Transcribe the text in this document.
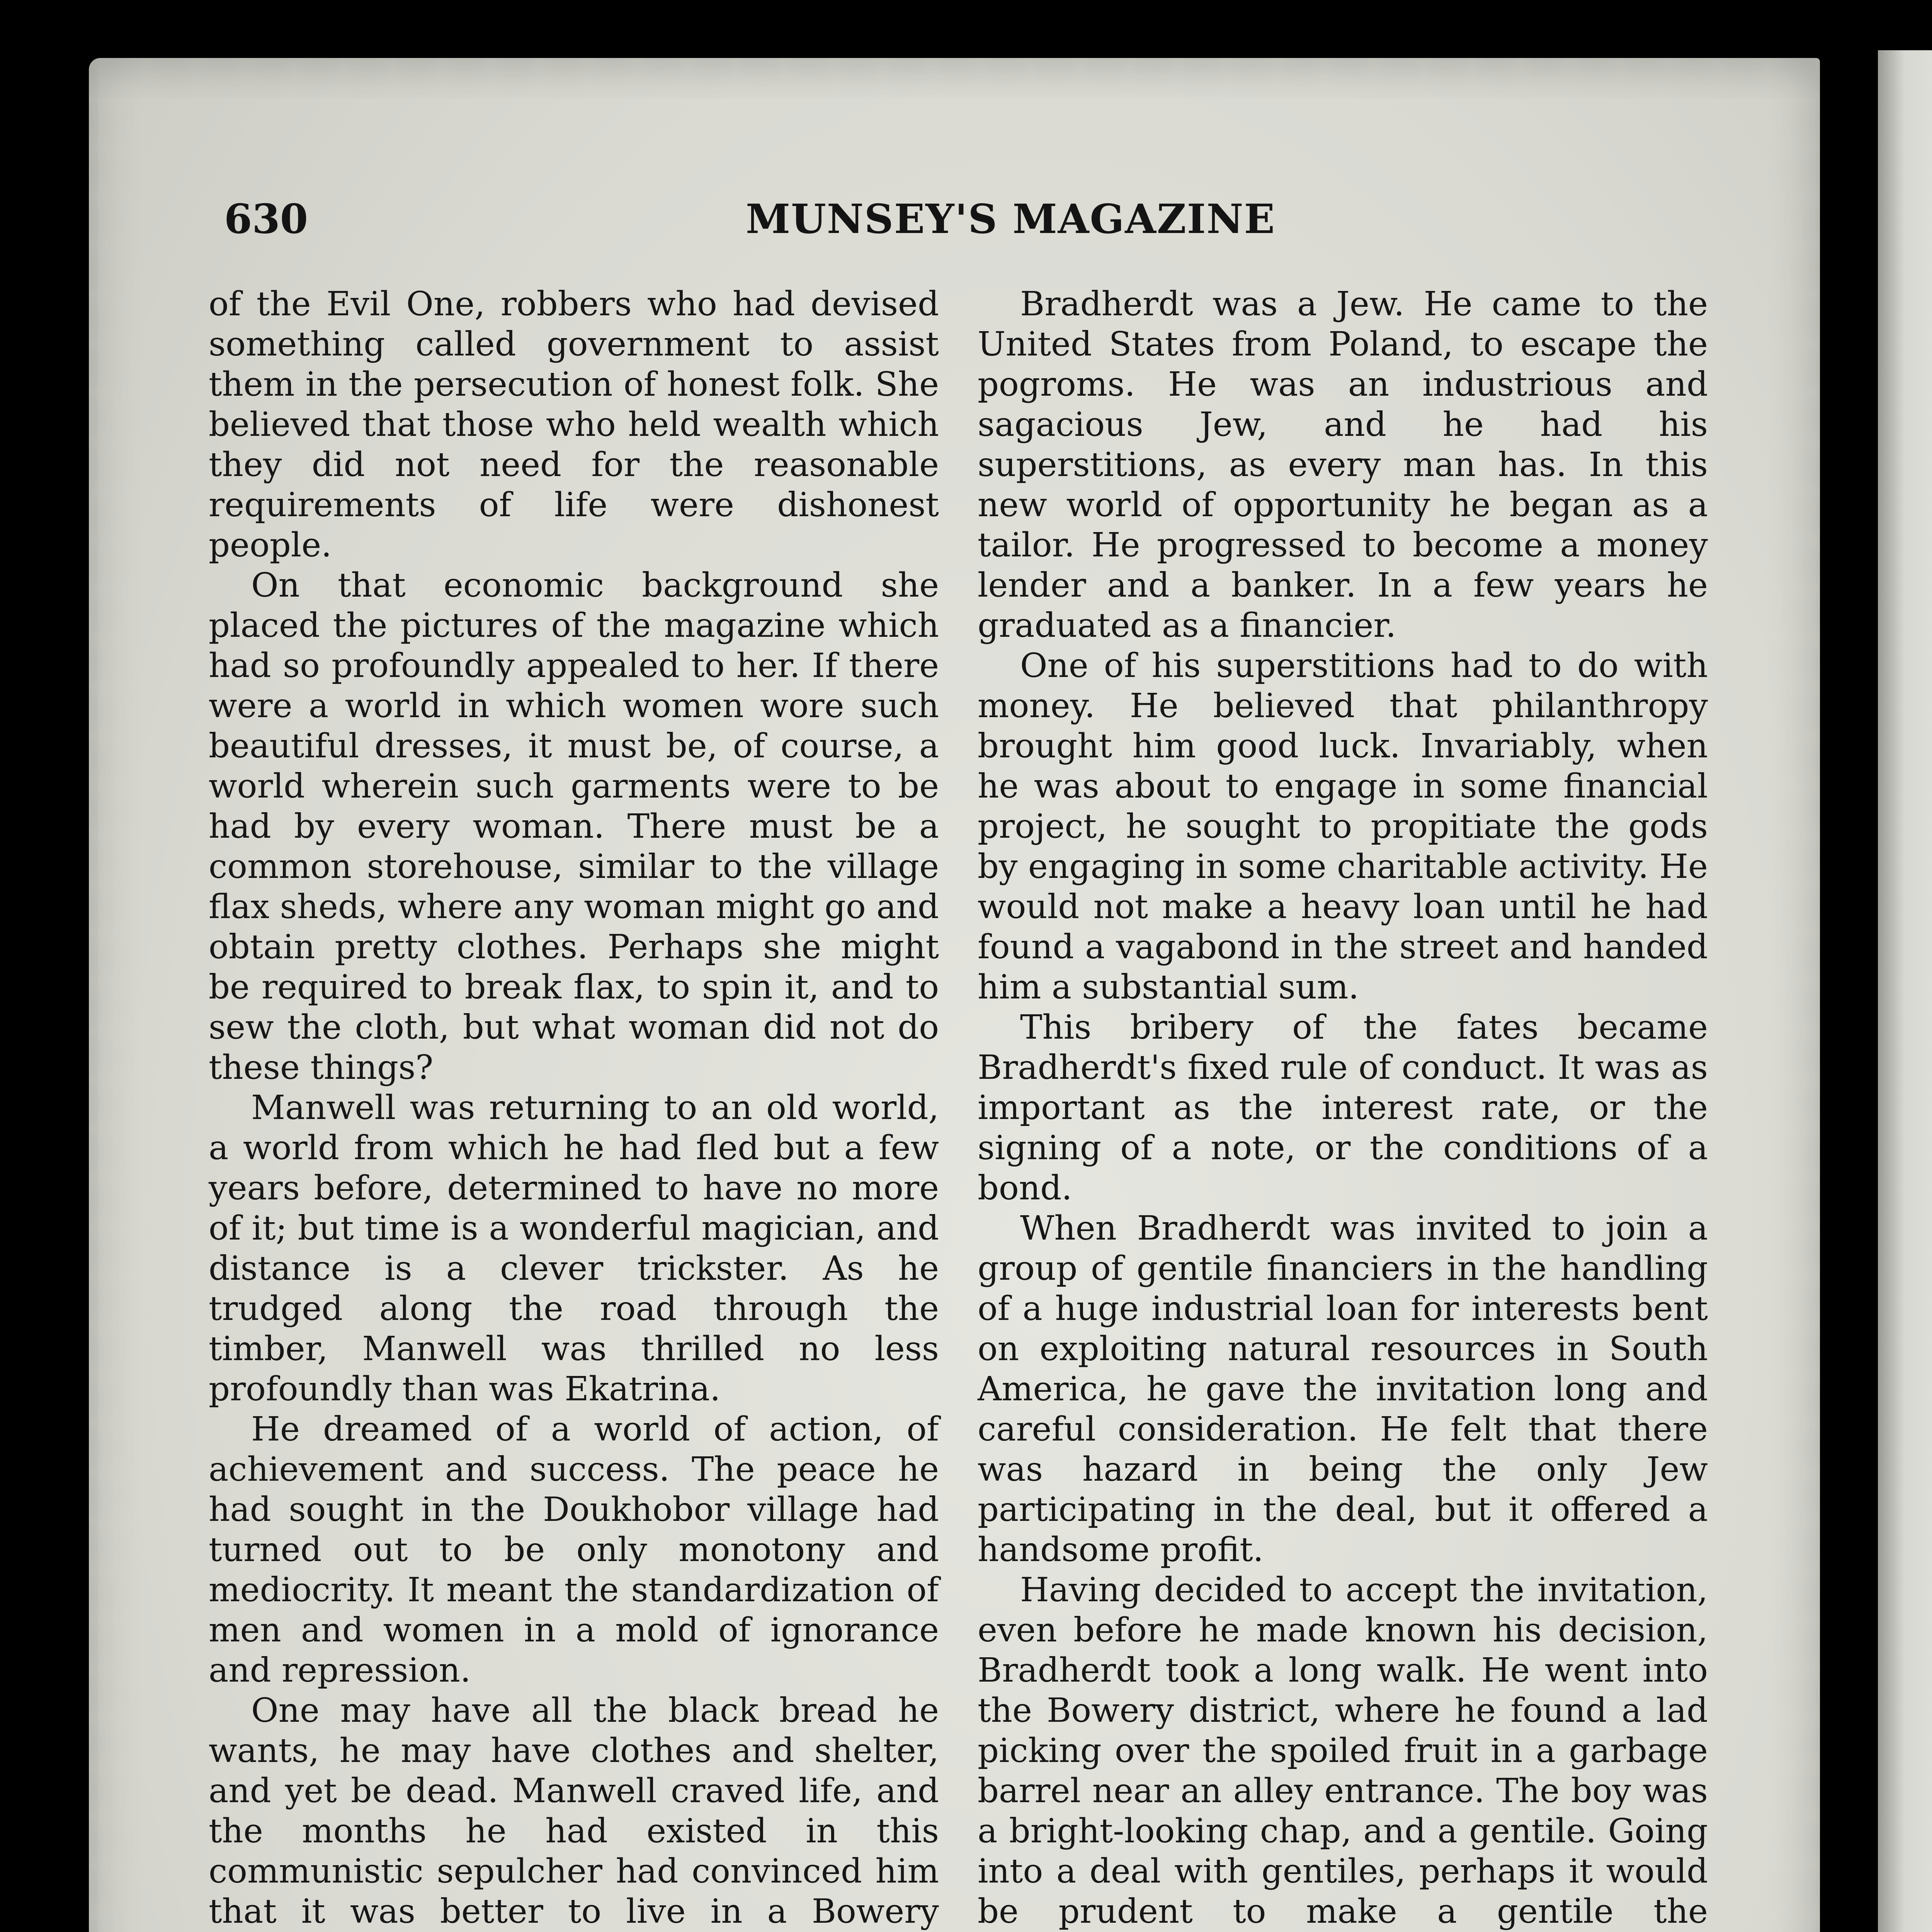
630	MUNSEY'S MAGAZINE

of the Evil One, robbers who had devised something called government to assist them in the persecution of honest folk. She believed that those who held wealth which they did not need for the reasonable requirements of life were dishonest people.

On that economic background she placed the pictures of the magazine which had so profoundly appealed to her. If there were a world in which women wore such beautiful dresses, it must be, of course, a world wherein such garments were to be had by every woman. There must be a common storehouse, similar to the village flax sheds, where any woman might go and obtain pretty clothes. Perhaps she might be required to break flax, to spin it, and to sew the cloth, but what woman did not do these things?

Manwell was returning to an old world, a world from which he had fled but a few years before, determined to have no more of it; but time is a wonderful magician, and distance is a clever trickster. As he trudged along the road through the timber, Manwell was thrilled no less profoundly than was Ekatrina.

He dreamed of a world of action, of achievement and success. The peace he had sought in the Doukhobor village had turned out to be only monotony and mediocrity. It meant the standardization of men and women in a mold of ignorance and repression.

One may have all the black bread he wants, he may have clothes and shelter, and yet be dead. Manwell craved life, and the months he had existed in this communistic sepulcher had convinced him that it was better to live in a Bowery

Bradherdt was a Jew. He came to the United States from Poland, to escape the pogroms. He was an industrious and sagacious Jew, and he had his superstitions, as every man has. In this new world of opportunity he began as a tailor. He progressed to become a money lender and a banker. In a few years he graduated as a financier.

One of his superstitions had to do with money. He believed that philanthropy brought him good luck. Invariably, when he was about to engage in some financial project, he sought to propitiate the gods by engaging in some charitable activity. He would not make a heavy loan until he had found a vagabond in the street and handed him a substantial sum.

This bribery of the fates became Bradherdt's fixed rule of conduct. It was as important as the interest rate, or the signing of a note, or the conditions of a bond.

When Bradherdt was invited to join a group of gentile financiers in the handling of a huge industrial loan for interests bent on exploiting natural resources in South America, he gave the invitation long and careful consideration. He felt that there was hazard in being the only Jew participating in the deal, but it offered a handsome profit.

Having decided to accept the invitation, even before he made known his decision, Bradherdt took a long walk. He went into the Bowery district, where he found a lad picking over the spoiled fruit in a garbage barrel near an alley entrance. The boy was a bright-looking chap, and a gentile. Going into a deal with gentiles, perhaps it would be prudent to make a gentile the
